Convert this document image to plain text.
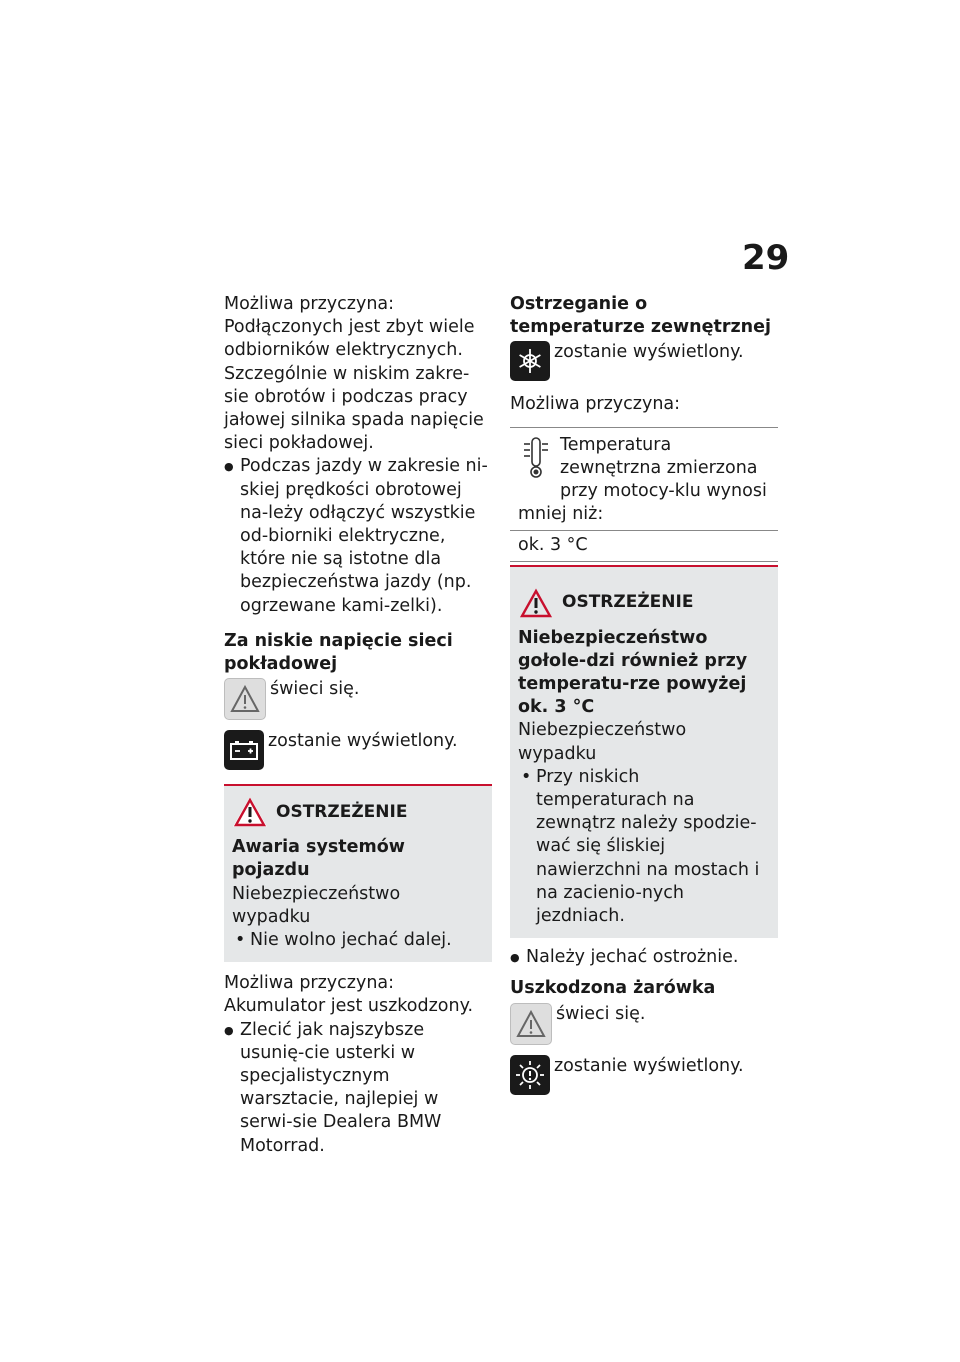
29

Możliwa przyczyna:

Podłączonych jest zbyt wiele odbiorników elektrycznych. Szczególnie w niskim zakre-sie obrotów i podczas pracy jałowej silnika spada napięcie sieci pokładowej.

● Podczas jazdy w zakresie ni-skiej prędkości obrotowej na-leży odłączyć wszystkie od-biorniki elektryczne, które nie są istotne dla bezpieczeństwa jazdy (np. ogrzewane kami-zelki).

Za niskie napięcie sieci pokładowej

świeci się.
zostanie wyświetlony.
OSTRZEŻENIE

Awaria systemów pojazdu

Niebezpieczeństwo wypadku

• Nie wolno jechać dalej.

Możliwa przyczyna:

Akumulator jest uszkodzony.

● Zlecić jak najszybsze usunię-cie usterki w specjalistycznym warsztacie, najlepiej w serwi-sie Dealera BMW Motorrad.

Ostrzeganie o temperaturze zewnętrznej

zostanie wyświetlony.

Możliwa przyczyna:

Temperatura zewnętrzna zmierzona przy motocy-klu wynosi mniej niż:
ok. 3 °C
OSTRZEŻENIE

Niebezpieczeństwo gołole-dzi również przy temperatu-rze powyżej ok. 3 °C

Niebezpieczeństwo wypadku

• Przy niskich temperaturach na zewnątrz należy spodzie-wać się śliskiej nawierzchni na mostach i na zacienio-nych jezdniach.

● Należy jechać ostrożnie.

Uszkodzona żarówka

świeci się.
zostanie wyświetlony.
